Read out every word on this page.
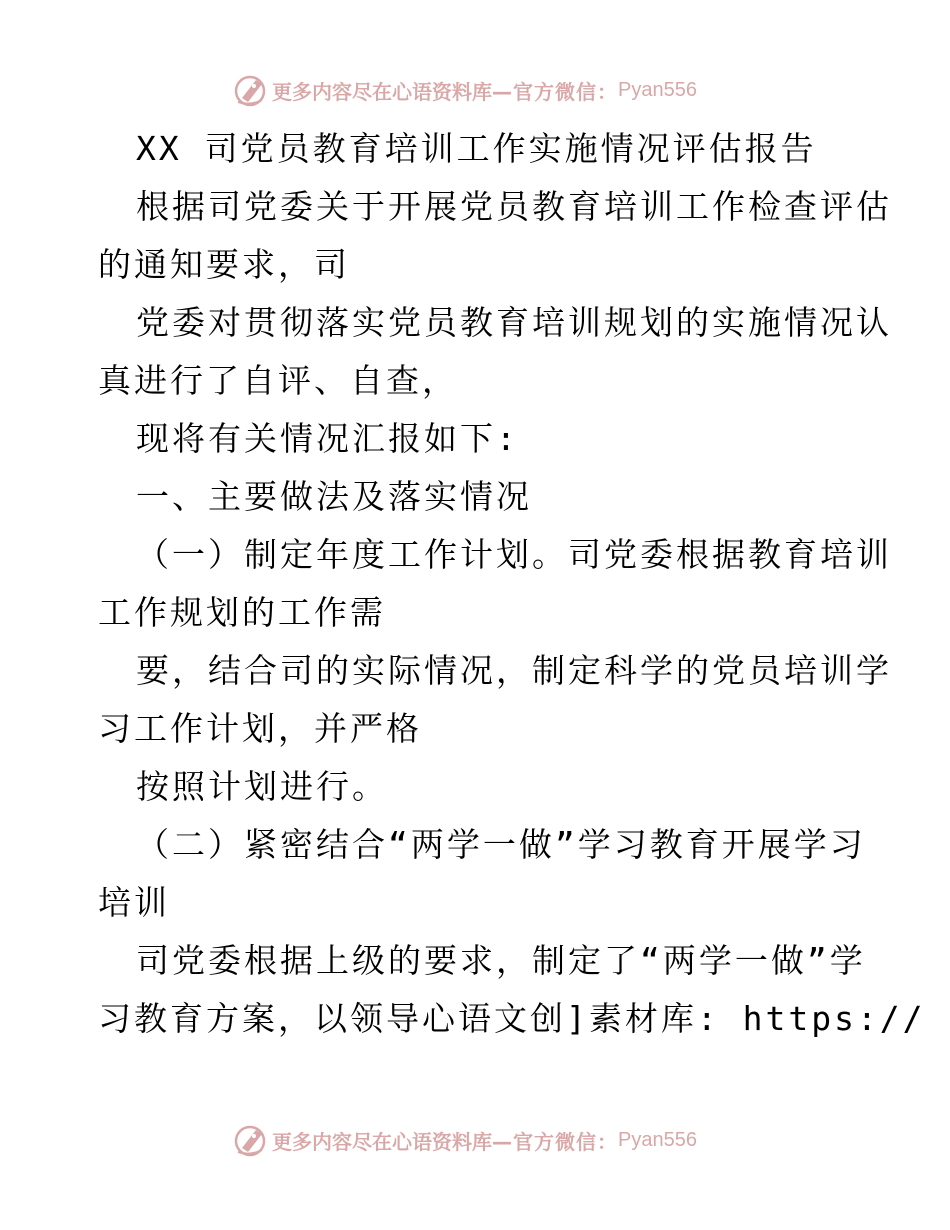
更多内容尽在心语资料库 —官方微信： Pyan556
XX 司党员教育培训工作实施情况评估报告
根据司党委关于开展党员教育培训工作检查评估
的通知要求，司
党委对贯彻落实党员教育培训规划的实施情况认
真进行了自评、自查，
现将有关情况汇报如下:
一、主要做法及落实情况
（一）制定年度工作计划。司党委根据教育培训
工作规划的工作需
要，结合司的实际情况，制定科学的党员培训学
习工作计划，并严格
按照计划进行。
（二）紧密结合“两学一做”学习教育开展学习
培训
司党委根据上级的要求，制定了“两学一做”学
习教育方案，以领导心语文创]素材库: https://
更多内容尽在心语资料库 —官方微信： Pyan556
